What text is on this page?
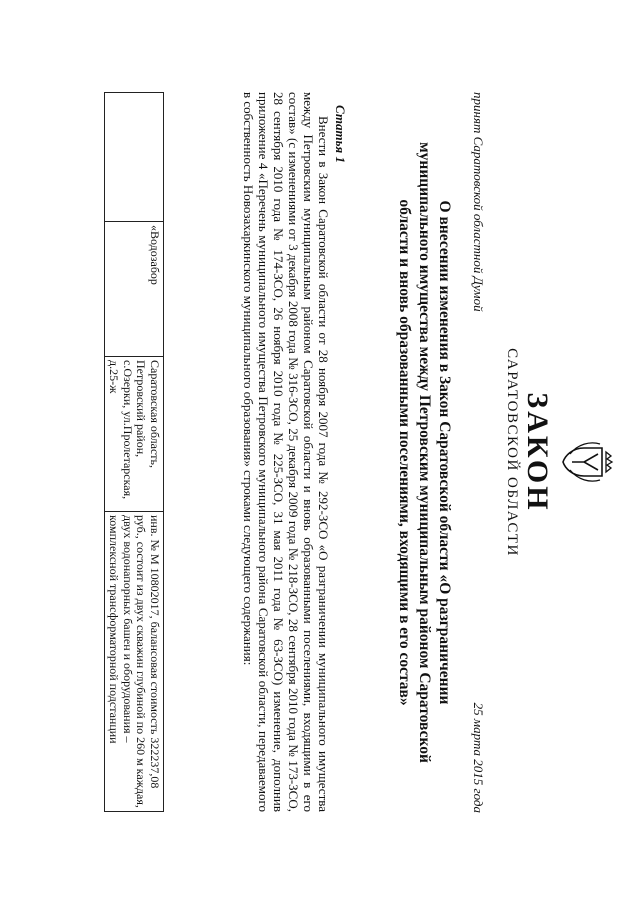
ЗАКОН
САРАТОВСКОЙ ОБЛАСТИ
принят Саратовской областной Думой
25 марта 2015 года
О внесении изменения в Закон Саратовской области «О разграничении муниципального имущества между Петровским муниципальным районом Саратовской области и вновь образованными поселениями, входящими в его состав»
Статья 1

Внести в Закон Саратовской области от 28 ноября 2007 года № 292-ЗСО «О разграничении муниципального имущества между Петровским муниципальным районом Саратовской области и вновь образованными поселениями, входящими в его состав» (с изменениями от 3 декабря 2008 года № 316-ЗСО, 25 декабря 2009 года № 218-ЗСО, 28 сентября 2010 года № 173-ЗСО, 28 сентября 2010 года № 174-ЗСО, 26 ноября 2010 года № 225-ЗСО, 31 мая 2011 года № 63-ЗСО) изменение, дополнив приложение 4 «Перечень муниципального имущества Петровского муниципального района Саратовской области, передаваемого в собственность Новозахаркинского муниципального образования» строками следующего содержания:

	«Водозабор	Саратовская область, Петровский район, с.Озерки, ул.Пролетарская, д.25-ж	инв. № М 10802017, балансовая стоимость 322237,08 руб., состоит из двух скважин глубиной по 260 м каждая, двух водонапорных башен и оборудования – комплексной трансформаторной подстанции
